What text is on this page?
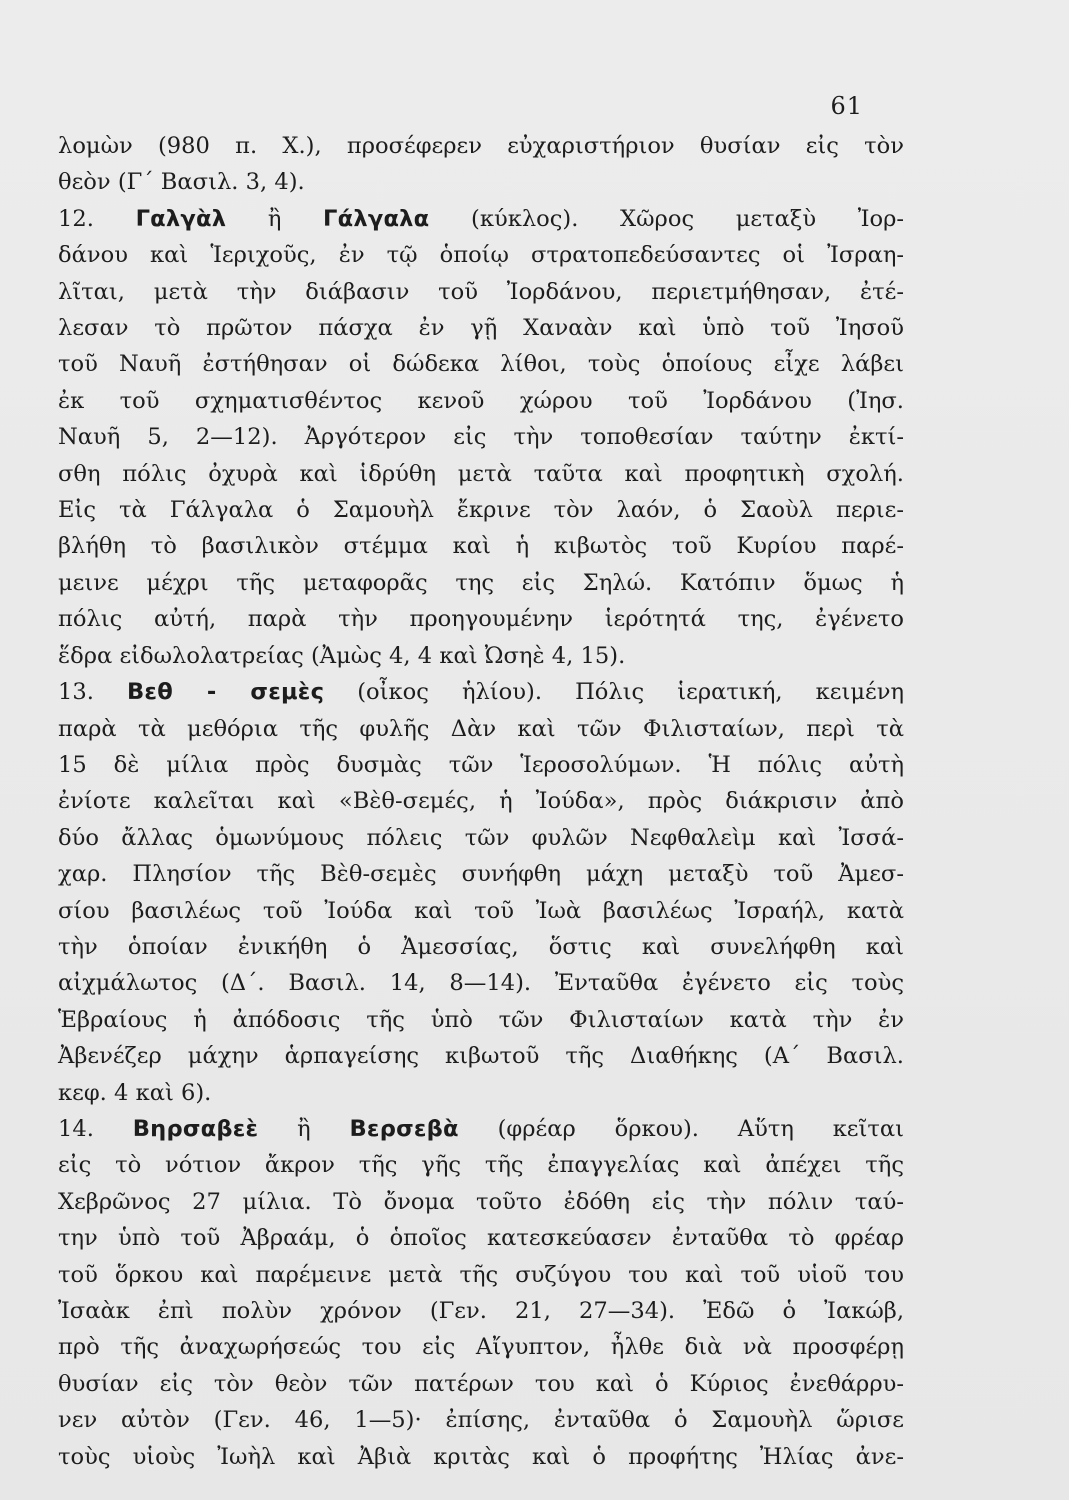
61
λομὼν (980 π. Χ.), προσέφερεν εὐχαριστήριον θυσίαν εἰς τὸν
θεὸν (Γ΄ Βασιλ. 3, 4).
12. Γαλγὰλ ἢ Γάλγαλα (κύκλος). Χῶρος μεταξὺ Ἰορ-
δάνου καὶ Ἱεριχοῦς, ἐν τῷ ὁποίῳ στρατοπεδεύσαντες οἱ Ἰσραη-
λῖται, μετὰ τὴν διάβασιν τοῦ Ἰορδάνου, περιετμήθησαν, ἐτέ-
λεσαν τὸ πρῶτον πάσχα ἐν γῇ Χαναὰν καὶ ὑπὸ τοῦ Ἰησοῦ
τοῦ Ναυῆ ἐστήθησαν οἱ δώδεκα λίθοι, τοὺς ὁποίους εἶχε λάβει
ἐκ τοῦ σχηματισθέντος κενοῦ χώρου τοῦ Ἰορδάνου (Ἰησ.
Ναυῆ 5, 2—12). Ἀργότερον εἰς τὴν τοποθεσίαν ταύτην ἐκτί-
σθη πόλις ὀχυρὰ καὶ ἱδρύθη μετὰ ταῦτα καὶ προφητικὴ σχολή.
Εἰς τὰ Γάλγαλα ὁ Σαμουὴλ ἔκρινε τὸν λαόν, ὁ Σαοὺλ περιε-
βλήθη τὸ βασιλικὸν στέμμα καὶ ἡ κιβωτὸς τοῦ Κυρίου παρέ-
μεινε μέχρι τῆς μεταφορᾶς της εἰς Σηλώ. Κατόπιν ὅμως ἡ
πόλις αὐτή, παρὰ τὴν προηγουμένην ἱερότητά της, ἐγένετο
ἕδρα εἰδωλολατρείας (Ἀμὼς 4, 4 καὶ Ὠσηὲ 4, 15).
13. Βεθ - σεμὲς (οἶκος ἡλίου). Πόλις ἱερατική, κειμένη
παρὰ τὰ μεθόρια τῆς φυλῆς Δὰν καὶ τῶν Φιλισταίων, περὶ τὰ
15 δὲ μίλια πρὸς δυσμὰς τῶν Ἱεροσολύμων. Ἡ πόλις αὐτὴ
ἐνίοτε καλεῖται καὶ «Βὲθ-σεμές, ἡ Ἰούδα», πρὸς διάκρισιν ἀπὸ
δύο ἄλλας ὁμωνύμους πόλεις τῶν φυλῶν Νεφθαλεὶμ καὶ Ἰσσά-
χαρ. Πλησίον τῆς Βὲθ-σεμὲς συνήφθη μάχη μεταξὺ τοῦ Ἀμεσ-
σίου βασιλέως τοῦ Ἰούδα καὶ τοῦ Ἰωὰ βασιλέως Ἰσραήλ, κατὰ
τὴν ὁποίαν ἐνικήθη ὁ Ἀμεσσίας, ὅστις καὶ συνελήφθη καὶ
αἰχμάλωτος (Δ΄. Βασιλ. 14, 8—14). Ἐνταῦθα ἐγένετο εἰς τοὺς
Ἑβραίους ἡ ἀπόδοσις τῆς ὑπὸ τῶν Φιλισταίων κατὰ τὴν ἐν
Ἀβενέζερ μάχην ἁρπαγείσης κιβωτοῦ τῆς Διαθήκης (Α΄ Βασιλ.
κεφ. 4 καὶ 6).
14. Βηρσαβεὲ ἢ Βερσεβὰ (φρέαρ ὅρκου). Αὕτη κεῖται
εἰς τὸ νότιον ἄκρον τῆς γῆς τῆς ἐπαγγελίας καὶ ἀπέχει τῆς
Χεβρῶνος 27 μίλια. Τὸ ὄνομα τοῦτο ἐδόθη εἰς τὴν πόλιν ταύ-
την ὑπὸ τοῦ Ἀβραάμ, ὁ ὁποῖος κατεσκεύασεν ἐνταῦθα τὸ φρέαρ
τοῦ ὅρκου καὶ παρέμεινε μετὰ τῆς συζύγου του καὶ τοῦ υἱοῦ του
Ἰσαὰκ ἐπὶ πολὺν χρόνον (Γεν. 21, 27—34). Ἐδῶ ὁ Ἰακώβ,
πρὸ τῆς ἀναχωρήσεώς του εἰς Αἴγυπτον, ἦλθε διὰ νὰ προσφέρῃ
θυσίαν εἰς τὸν θεὸν τῶν πατέρων του καὶ ὁ Κύριος ἐνεθάρρυ-
νεν αὐτὸν (Γεν. 46, 1—5)· ἐπίσης, ἐνταῦθα ὁ Σαμουὴλ ὥρισε
τοὺς υἱοὺς Ἰωὴλ καὶ Ἀβιὰ κριτὰς καὶ ὁ προφήτης Ἠλίας ἀνε-
